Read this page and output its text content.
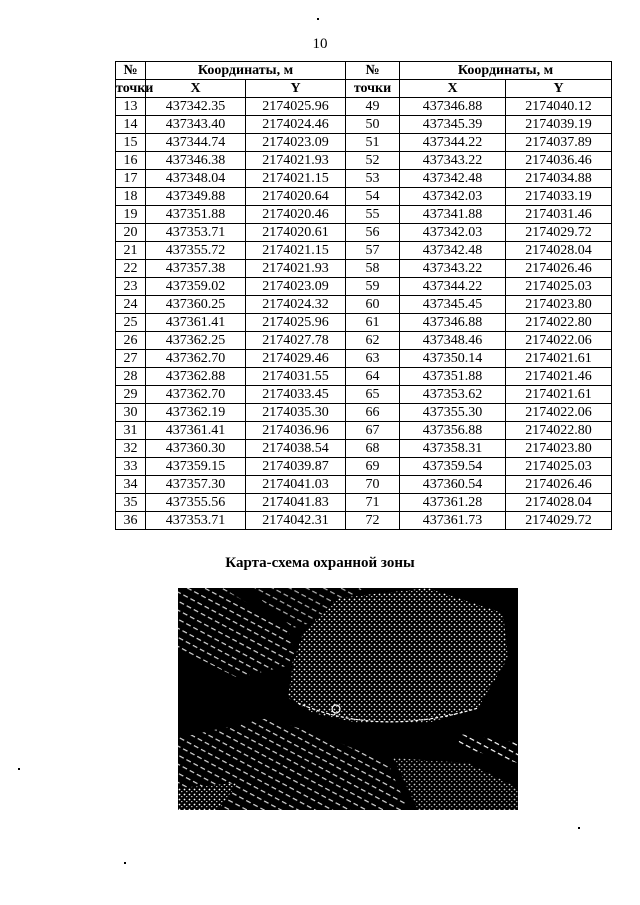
10
№	Координаты, м		№	Координаты, м	
точки	X	Y	точки	X	Y
13	437342.35	2174025.96	49	437346.88	2174040.12
14	437343.40	2174024.46	50	437345.39	2174039.19
15	437344.74	2174023.09	51	437344.22	2174037.89
16	437346.38	2174021.93	52	437343.22	2174036.46
17	437348.04	2174021.15	53	437342.48	2174034.88
18	437349.88	2174020.64	54	437342.03	2174033.19
19	437351.88	2174020.46	55	437341.88	2174031.46
20	437353.71	2174020.61	56	437342.03	2174029.72
21	437355.72	2174021.15	57	437342.48	2174028.04
22	437357.38	2174021.93	58	437343.22	2174026.46
23	437359.02	2174023.09	59	437344.22	2174025.03
24	437360.25	2174024.32	60	437345.45	2174023.80
25	437361.41	2174025.96	61	437346.88	2174022.80
26	437362.25	2174027.78	62	437348.46	2174022.06
27	437362.70	2174029.46	63	437350.14	2174021.61
28	437362.88	2174031.55	64	437351.88	2174021.46
29	437362.70	2174033.45	65	437353.62	2174021.61
30	437362.19	2174035.30	66	437355.30	2174022.06
31	437361.41	2174036.96	67	437356.88	2174022.80
32	437360.30	2174038.54	68	437358.31	2174023.80
33	437359.15	2174039.87	69	437359.54	2174025.03
34	437357.30	2174041.03	70	437360.54	2174026.46
35	437355.56	2174041.83	71	437361.28	2174028.04
36	437353.71	2174042.31	72	437361.73	2174029.72
Карта-схема охранной зоны
